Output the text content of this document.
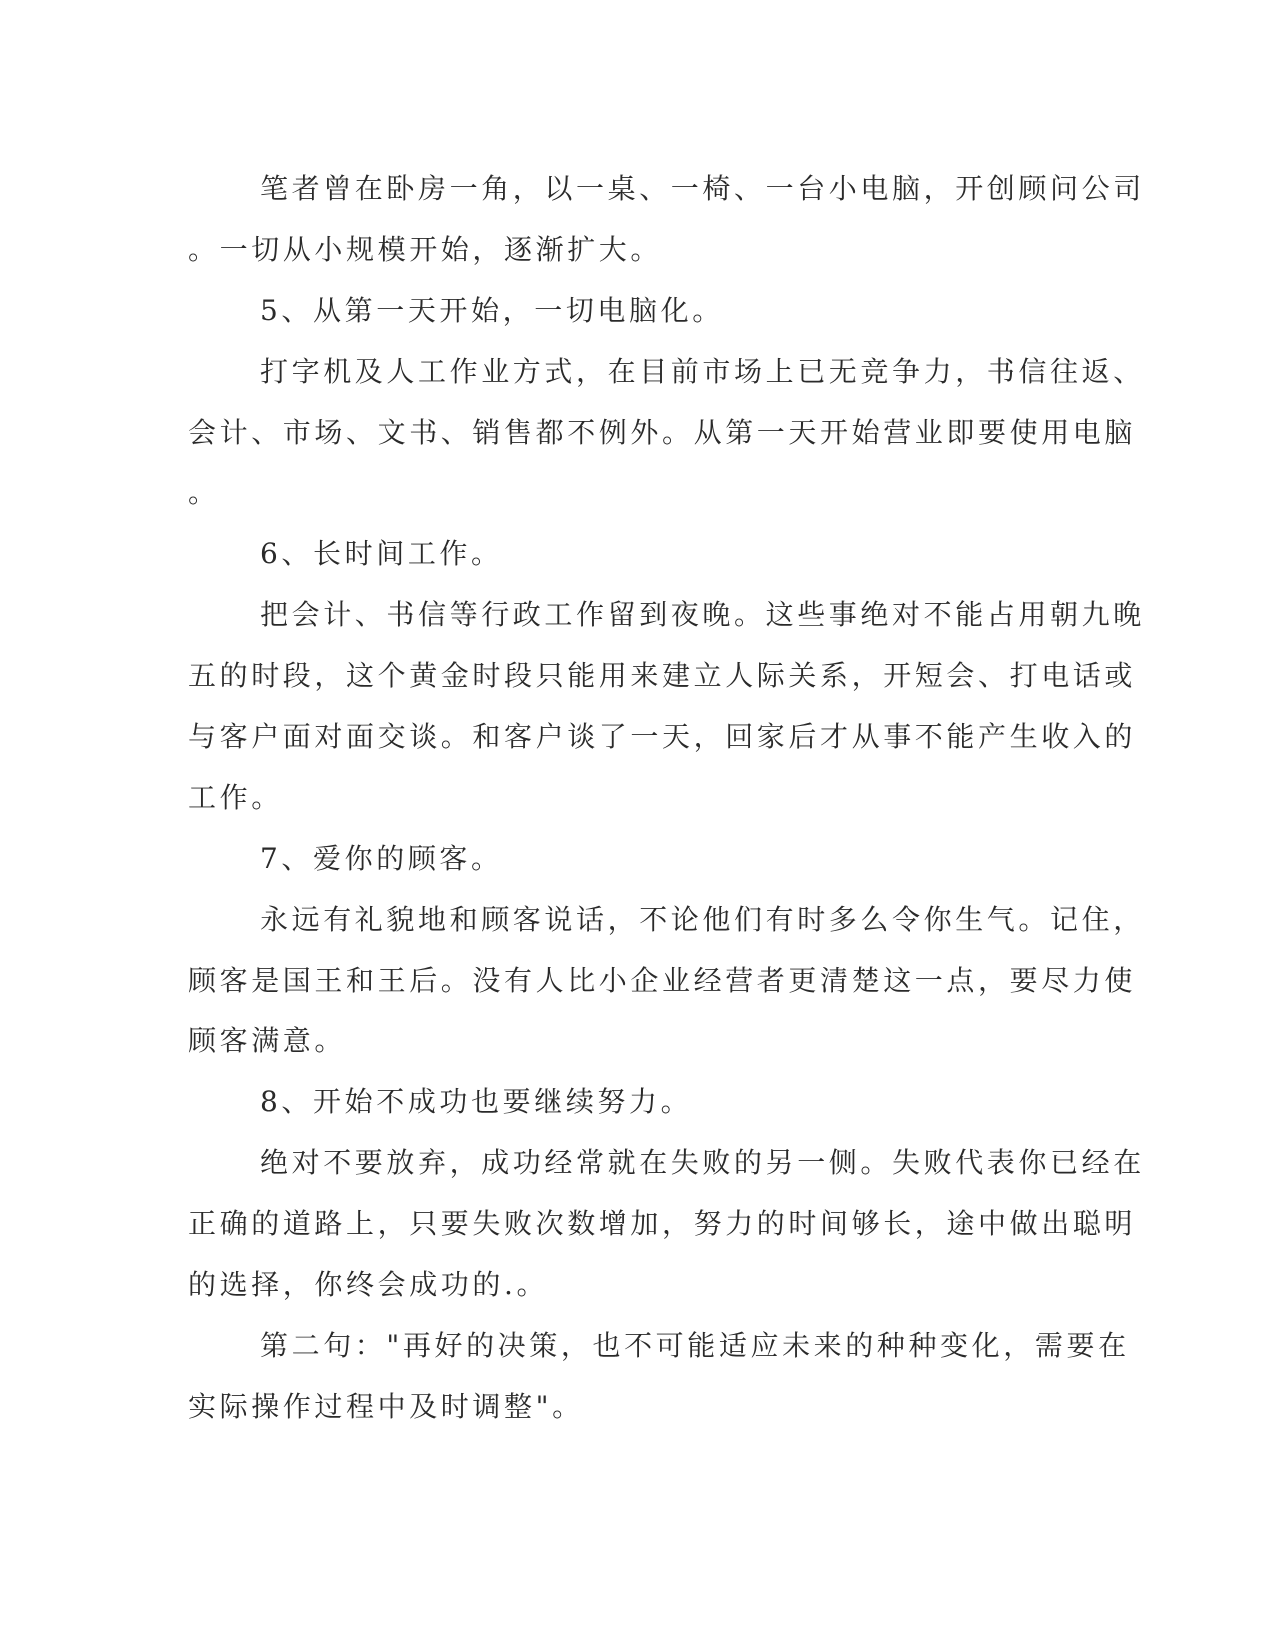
笔者曾在卧房一角，以一桌、一椅、一台小电脑，开创顾问公司
。一切从小规模开始，逐渐扩大。
5、从第一天开始，一切电脑化。
打字机及人工作业方式，在目前市场上已无竞争力，书信往返、
会计、市场、文书、销售都不例外。从第一天开始营业即要使用电脑
。
6、长时间工作。
把会计、书信等行政工作留到夜晚。这些事绝对不能占用朝九晚
五的时段，这个黄金时段只能用来建立人际关系，开短会、打电话或
与客户面对面交谈。和客户谈了一天，回家后才从事不能产生收入的
工作。
7、爱你的顾客。
永远有礼貌地和顾客说话，不论他们有时多么令你生气。记住，
顾客是国王和王后。没有人比小企业经营者更清楚这一点，要尽力使
顾客满意。
8、开始不成功也要继续努力。
绝对不要放弃，成功经常就在失败的另一侧。失败代表你已经在
正确的道路上，只要失败次数增加，努力的时间够长，途中做出聪明
的选择，你终会成功的.。
第二句："再好的决策，也不可能适应未来的种种变化，需要在
实际操作过程中及时调整"。
